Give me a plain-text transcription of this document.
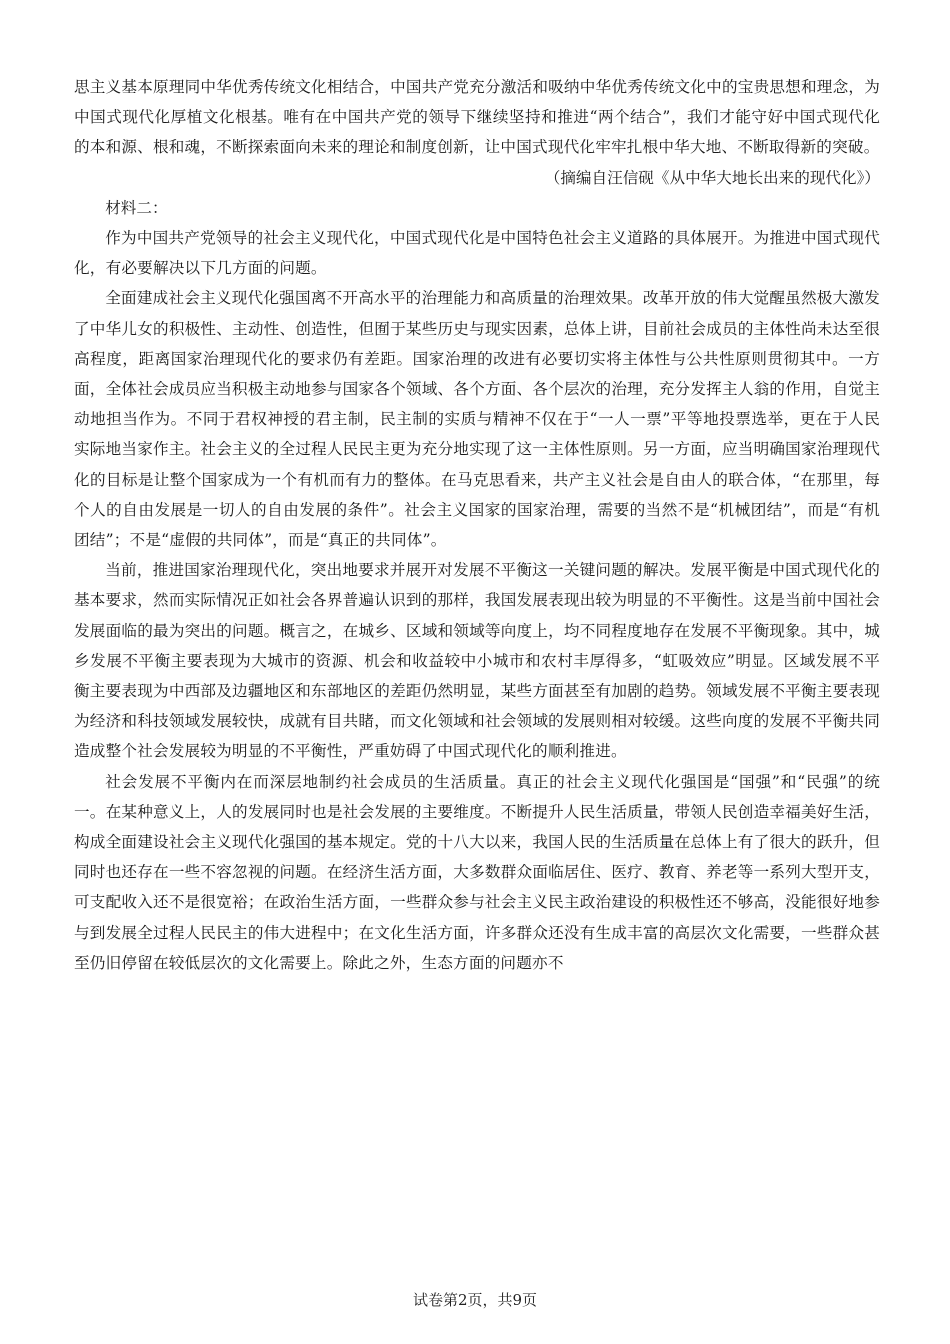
思主义基本原理同中华优秀传统文化相结合，中国共产党充分激活和吸纳中华优秀传统文化中的宝贵思想和理念，为中国式现代化厚植文化根基。唯有在中国共产党的领导下继续坚持和推进“两个结合”，我们才能守好中国式现代化的本和源、根和魂，不断探索面向未来的理论和制度创新，让中国式现代化牢牢扎根中华大地、不断取得新的突破。

（摘编自汪信砚《从中华大地长出来的现代化》）

材料二：

作为中国共产党领导的社会主义现代化，中国式现代化是中国特色社会主义道路的具体展开。为推进中国式现代化，有必要解决以下几方面的问题。

全面建成社会主义现代化强国离不开高水平的治理能力和高质量的治理效果。改革开放的伟大觉醒虽然极大激发了中华儿女的积极性、主动性、创造性，但囿于某些历史与现实因素，总体上讲，目前社会成员的主体性尚未达至很高程度，距离国家治理现代化的要求仍有差距。国家治理的改进有必要切实将主体性与公共性原则贯彻其中。一方面，全体社会成员应当积极主动地参与国家各个领域、各个方面、各个层次的治理，充分发挥主人翁的作用，自觉主动地担当作为。不同于君权神授的君主制，民主制的实质与精神不仅在于“一人一票”平等地投票选举，更在于人民实际地当家作主。社会主义的全过程人民民主更为充分地实现了这一主体性原则。另一方面，应当明确国家治理现代化的目标是让整个国家成为一个有机而有力的整体。在马克思看来，共产主义社会是自由人的联合体，“在那里，每个人的自由发展是一切人的自由发展的条件”。社会主义国家的国家治理，需要的当然不是“机械团结”，而是“有机团结”；不是“虚假的共同体”，而是“真正的共同体”。

当前，推进国家治理现代化，突出地要求并展开对发展不平衡这一关键问题的解决。发展平衡是中国式现代化的基本要求，然而实际情况正如社会各界普遍认识到的那样，我国发展表现出较为明显的不平衡性。这是当前中国社会发展面临的最为突出的问题。概言之，在城乡、区域和领域等向度上，均不同程度地存在发展不平衡现象。其中，城乡发展不平衡主要表现为大城市的资源、机会和收益较中小城市和农村丰厚得多，“虹吸效应”明显。区域发展不平衡主要表现为中西部及边疆地区和东部地区的差距仍然明显，某些方面甚至有加剧的趋势。领域发展不平衡主要表现为经济和科技领域发展较快，成就有目共睹，而文化领域和社会领域的发展则相对较缓。这些向度的发展不平衡共同造成整个社会发展较为明显的不平衡性，严重妨碍了中国式现代化的顺利推进。

社会发展不平衡内在而深层地制约社会成员的生活质量。真正的社会主义现代化强国是“国强”和“民强”的统一。在某种意义上，人的发展同时也是社会发展的主要维度。不断提升人民生活质量，带领人民创造幸福美好生活，构成全面建设社会主义现代化强国的基本规定。党的十八大以来，我国人民的生活质量在总体上有了很大的跃升，但同时也还存在一些不容忽视的问题。在经济生活方面，大多数群众面临居住、医疗、教育、养老等一系列大型开支，可支配收入还不是很宽裕；在政治生活方面，一些群众参与社会主义民主政治建设的积极性还不够高，没能很好地参与到发展全过程人民民主的伟大进程中；在文化生活方面，许多群众还没有生成丰富的高层次文化需要，一些群众甚至仍旧停留在较低层次的文化需要上。除此之外，生态方面的问题亦不

试卷第2页，共9页
